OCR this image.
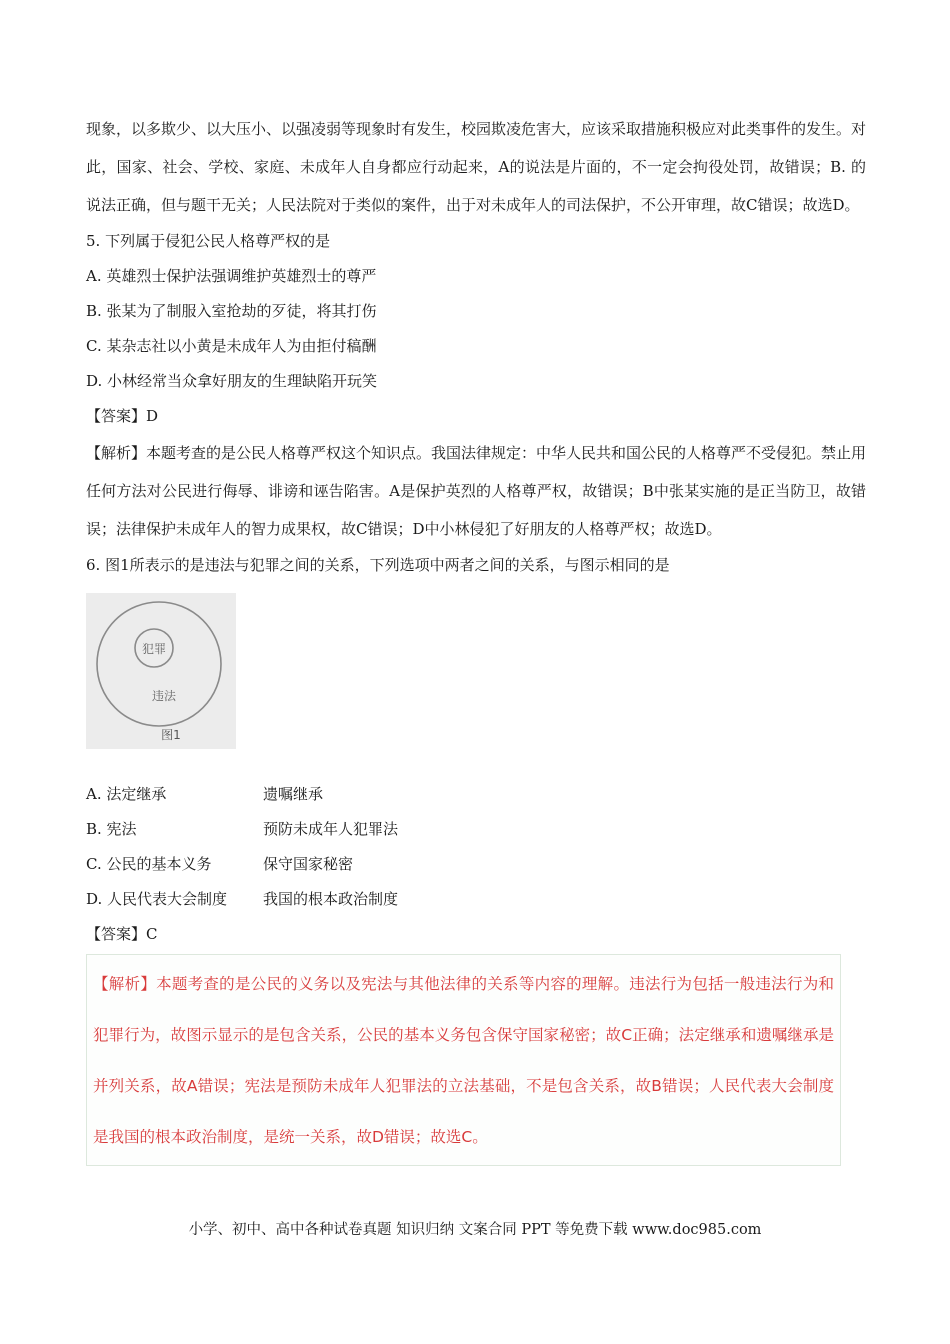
现象，以多欺少、以大压小、以强凌弱等现象时有发生，校园欺凌危害大，应该采取措施积极应对此类事件的发生。对此，国家、社会、学校、家庭、未成年人自身都应行动起来，A的说法是片面的，不一定会拘役处罚，故错误；B. 的说法正确，但与题干无关；人民法院对于类似的案件，出于对未成年人的司法保护，不公开审理，故C错误；故选D。

5. 下列属于侵犯公民人格尊严权的是

A. 英雄烈士保护法强调维护英雄烈士的尊严

B. 张某为了制服入室抢劫的歹徒，将其打伤

C. 某杂志社以小黄是未成年人为由拒付稿酬

D. 小林经常当众拿好朋友的生理缺陷开玩笑

【答案】D

【解析】本题考查的是公民人格尊严权这个知识点。我国法律规定：中华人民共和国公民的人格尊严不受侵犯。禁止用任何方法对公民进行侮辱、诽谤和诬告陷害。A是保护英烈的人格尊严权，故错误；B中张某实施的是正当防卫，故错误；法律保护未成年人的智力成果权，故C错误；D中小林侵犯了好朋友的人格尊严权；故选D。

6. 图1所表示的是违法与犯罪之间的关系，下列选项中两者之间的关系，与图示相同的是

犯罪
违法
图1
A. 法定继承	遗嘱继承
B. 宪法	预防未成年人犯罪法
C. 公民的基本义务	保守国家秘密
D. 人民代表大会制度	我国的根本政治制度

【答案】C

【解析】本题考查的是公民的义务以及宪法与其他法律的关系等内容的理解。违法行为包括一般违法行为和犯罪行为，故图示显示的是包含关系，公民的基本义务包含保守国家秘密；故C正确；法定继承和遗嘱继承是并列关系，故A错误；宪法是预防未成年人犯罪法的立法基础，不是包含关系，故B错误；人民代表大会制度是我国的根本政治制度，是统一关系，故D错误；故选C。

小学、初中、高中各种试卷真题 知识归纳 文案合同 PPT 等免费下载 www.doc985.com
